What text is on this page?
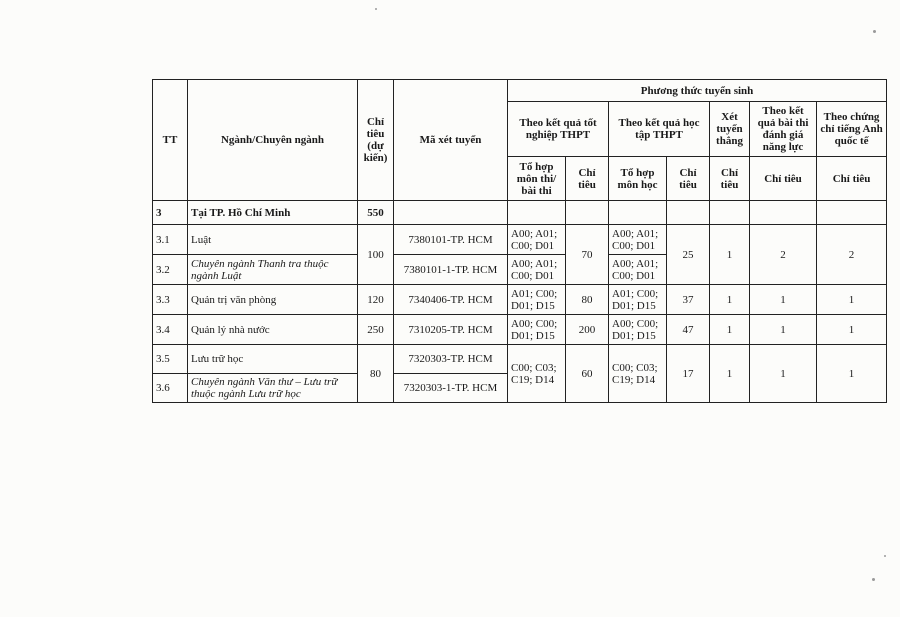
TT	Ngành/Chuyên ngành	Chỉ tiêu (dự kiến)	Mã xét tuyển	Phương thức tuyển sinh						
				Theo kết quả tốt nghiệp THPT		Theo kết quả học tập THPT		Xét tuyển thẳng	Theo kết quả bài thi đánh giá năng lực	Theo chứng chỉ tiếng Anh quốc tế
				Tổ hợp môn thi/ bài thi	Chỉ tiêu	Tổ hợp môn học	Chỉ tiêu	Chỉ tiêu	Chỉ tiêu	Chỉ tiêu
3	Tại TP. Hồ Chí Minh	550								
3.1	Luật	100	7380101-TP. HCM	A00; A01; C00; D01	70	A00; A01; C00; D01	25	1	2	2
3.2	Chuyên ngành Thanh tra thuộc ngành Luật		7380101-1-TP. HCM	A00; A01; C00; D01		A00; A01; C00; D01				
3.3	Quản trị văn phòng	120	7340406-TP. HCM	A01; C00; D01; D15	80	A01; C00; D01; D15	37	1	1	1
3.4	Quản lý nhà nước	250	7310205-TP. HCM	A00; C00; D01; D15	200	A00; C00; D01; D15	47	1	1	1
3.5	Lưu trữ học	80	7320303-TP. HCM	C00; C03; C19; D14	60	C00; C03; C19; D14	17	1	1	1
3.6	Chuyên ngành Văn thư – Lưu trữ thuộc ngành Lưu trữ học		7320303-1-TP. HCM							
